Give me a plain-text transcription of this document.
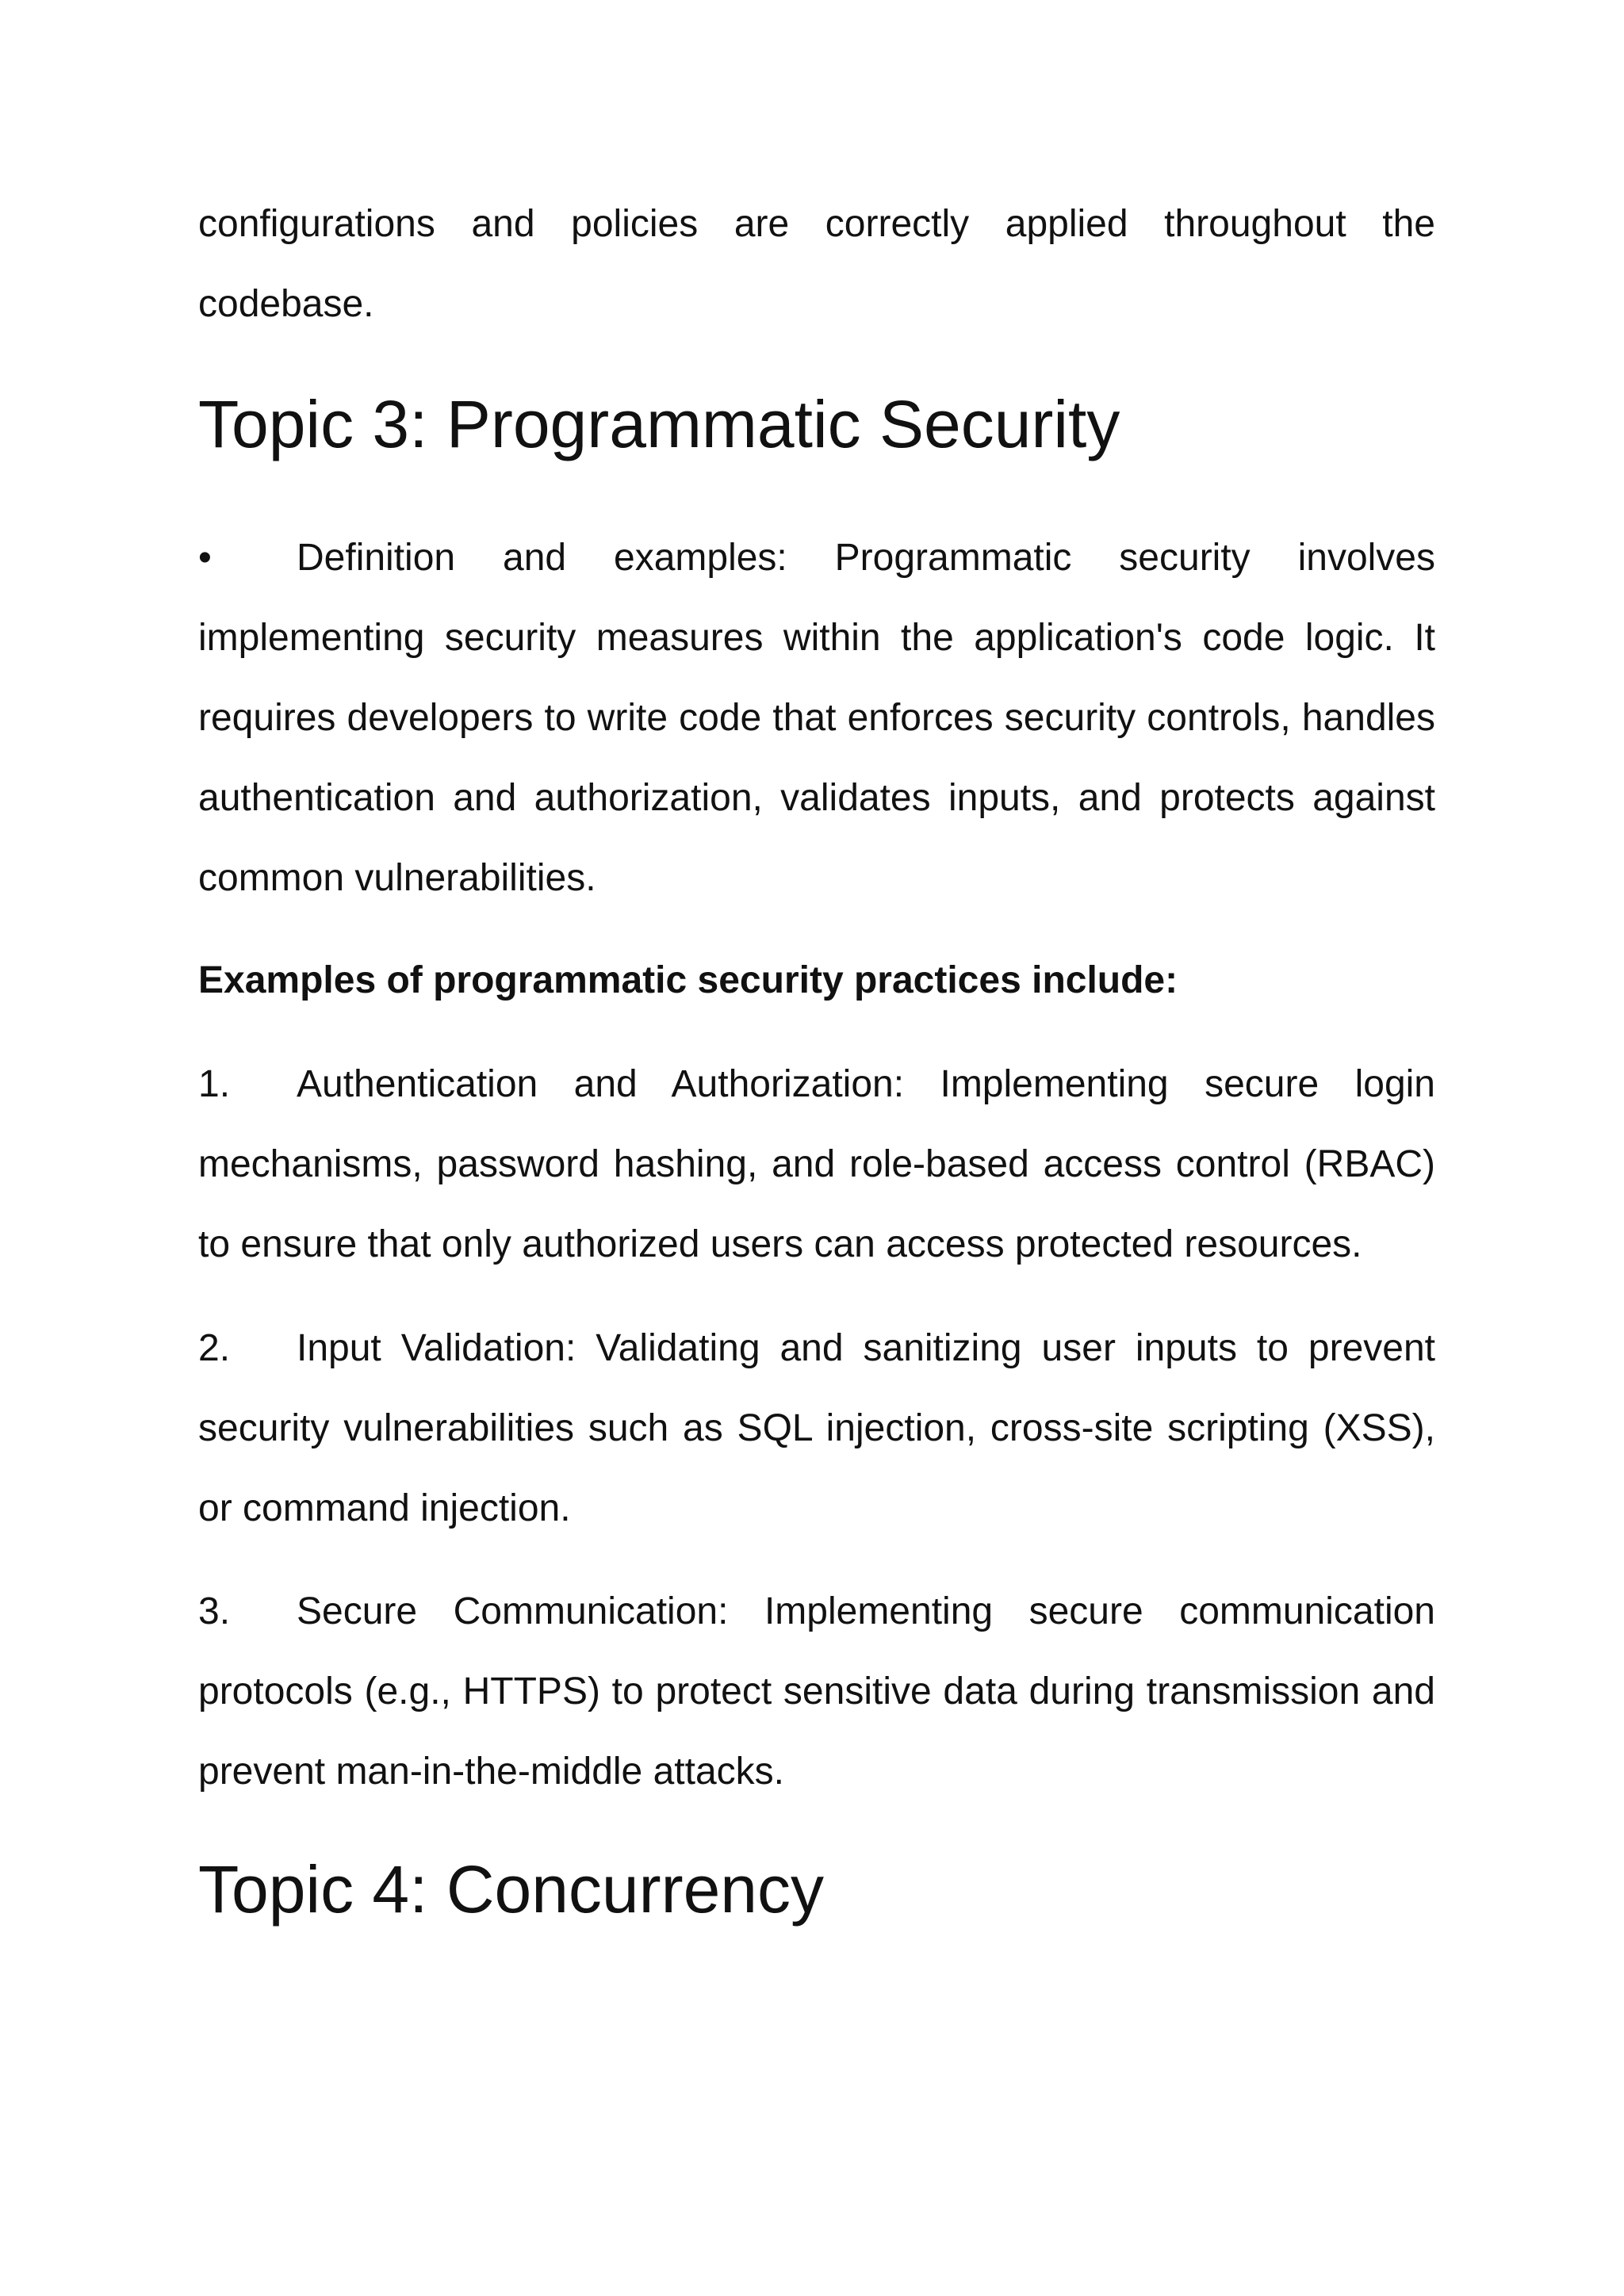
configurations and policies are correctly applied throughout the codebase.

Topic 3: Programmatic Security

• Definition and examples: Programmatic security involves implementing security measures within the application's code logic. It requires developers to write code that enforces security controls, handles authentication and authorization, validates inputs, and protects against common vulnerabilities.

Examples of programmatic security practices include:

1. Authentication and Authorization: Implementing secure login mechanisms, password hashing, and role-based access control (RBAC) to ensure that only authorized users can access protected resources.

2. Input Validation: Validating and sanitizing user inputs to prevent security vulnerabilities such as SQL injection, cross-site scripting (XSS), or command injection.

3. Secure Communication: Implementing secure communication protocols (e.g., HTTPS) to protect sensitive data during transmission and prevent man-in-the-middle attacks.

Topic 4: Concurrency
